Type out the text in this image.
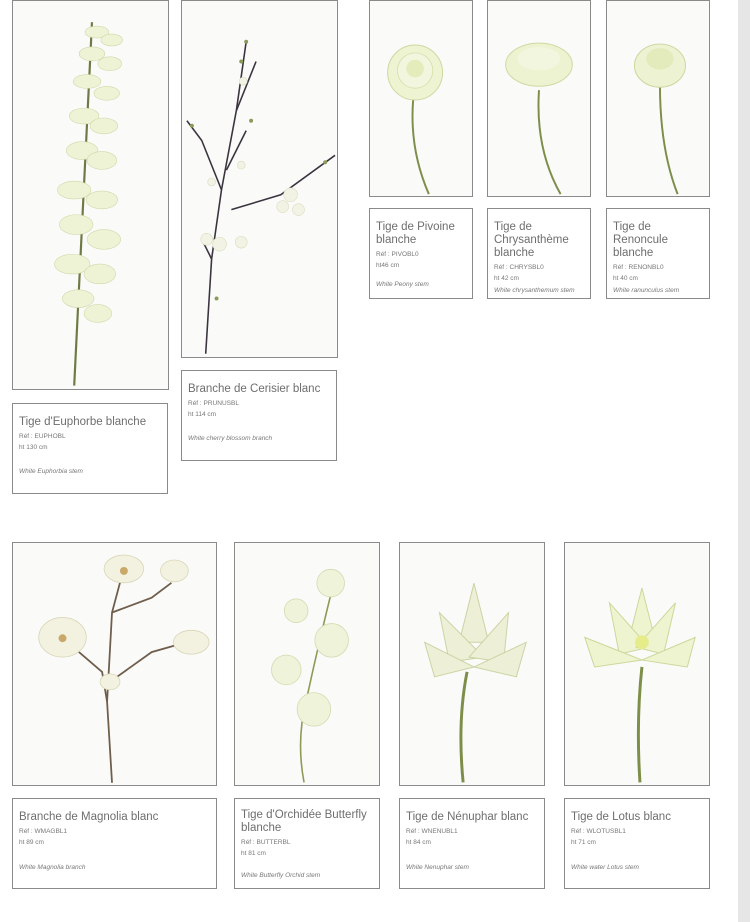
Tige d'Euphorbe blanche
Réf : EUPHOBL
ht 130 cm
White Euphorbia stem
Branche de Cerisier blanc
Réf : PRUNUSBL
ht 114 cm
White cherry blossom branch
Tige de Pivoine blanche
Réf : PIVOBL0
ht46 cm
White Peony stem
Tige de Chrysanthème blanche
Réf : CHRYSBL0
ht 42 cm
White chrysanthemum stem
Tige de Renoncule blanche
Réf : RENONBL0
ht 40 cm
White ranunculus stem
Branche de Magnolia blanc
Réf : WMAGBL1
ht 89 cm
White Magnolia branch
Tige d'Orchidée Butterfly blanche
Réf : BUTTERBL
ht 81 cm
White Butterfly Orchid stem
Tige de Nénuphar blanc
Réf : WNENUBL1
ht 84 cm
White Nenuphar stem
Tige de Lotus blanc
Réf : WLOTUSBL1
ht 71 cm
White water Lotus stem
